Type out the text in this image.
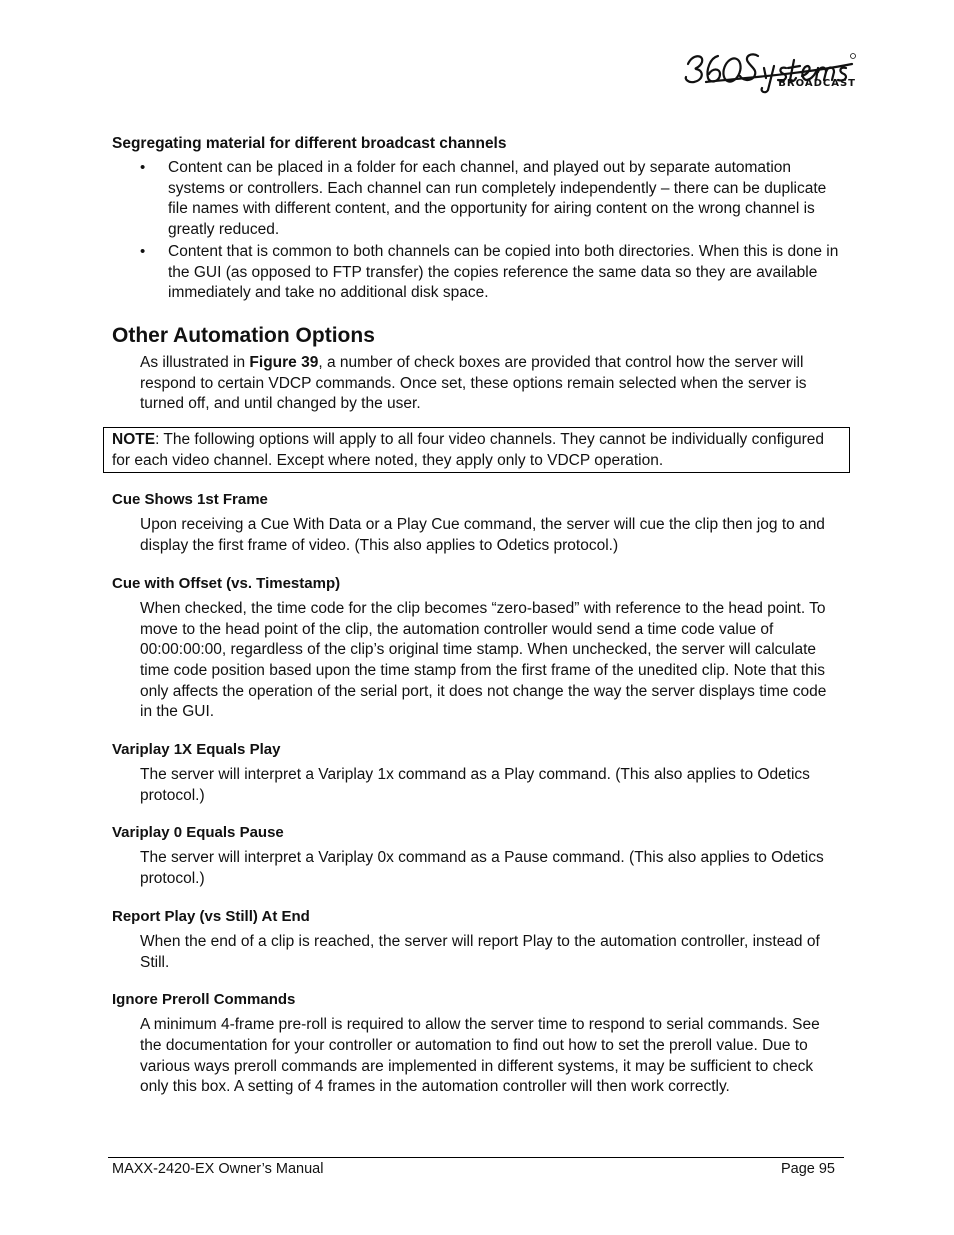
BROADCAST

Segregating material for different broadcast channels

• Content can be placed in a folder for each channel, and played out by separate automation systems or controllers. Each channel can run completely independently – there can be duplicate file names with different content, and the opportunity for airing content on the wrong channel is greatly reduced.
• Content that is common to both channels can be copied into both directories. When this is done in the GUI (as opposed to FTP transfer) the copies reference the same data so they are available immediately and take no additional disk space.
Other Automation Options

As illustrated in Figure 39, a number of check boxes are provided that control how the server will respond to certain VDCP commands. Once set, these options remain selected when the server is turned off, and until changed by the user.

NOTE: The following options will apply to all four video channels. They cannot be individually configured for each video channel. Except where noted, they apply only to VDCP operation.

Cue Shows 1st Frame

Upon receiving a Cue With Data or a Play Cue command, the server will cue the clip then jog to and display the first frame of video. (This also applies to Odetics protocol.)

Cue with Offset (vs. Timestamp)

When checked, the time code for the clip becomes “zero-based” with reference to the head point. To move to the head point of the clip, the automation controller would send a time code value of 00:00:00:00, regardless of the clip’s original time stamp. When unchecked, the server will calculate time code position based upon the time stamp from the first frame of the unedited clip. Note that this only affects the operation of the serial port, it does not change the way the server displays time code in the GUI.

Variplay 1X Equals Play

The server will interpret a Variplay 1x command as a Play command. (This also applies to Odetics protocol.)

Variplay 0 Equals Pause

The server will interpret a Variplay 0x command as a Pause command. (This also applies to Odetics protocol.)

Report Play (vs Still) At End

When the end of a clip is reached, the server will report Play to the automation controller, instead of Still.

Ignore Preroll Commands

A minimum 4-frame pre-roll is required to allow the server time to respond to serial commands. See the documentation for your controller or automation to find out how to set the preroll value. Due to various ways preroll commands are implemented in different systems, it may be sufficient to check only this box. A setting of 4 frames in the automation controller will then work correctly.

MAXX-2420-EX Owner’s Manual	Page 95
